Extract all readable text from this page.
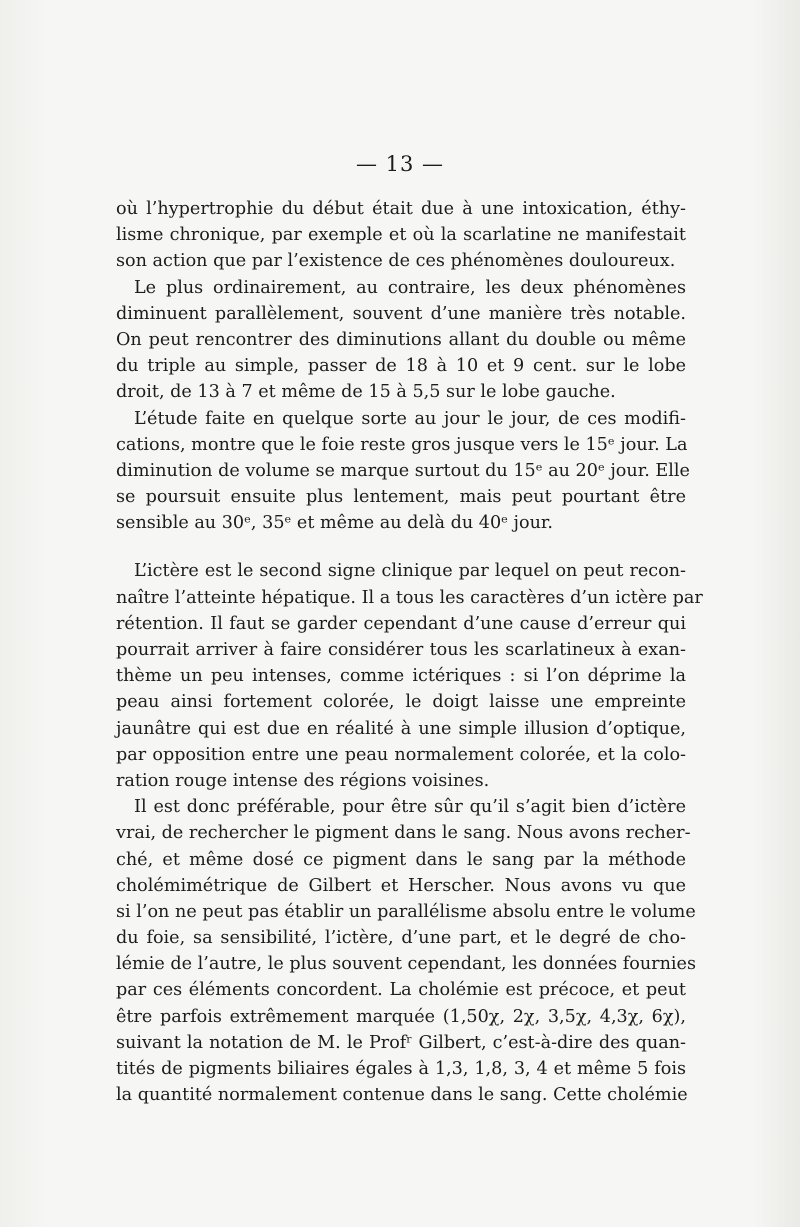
— 13 —
où l’hypertrophie du début était due à une intoxication, éthy-
lisme chronique, par exemple et où la scarlatine ne manifestait
son action que par l’existence de ces phénomènes douloureux.
Le plus ordinairement, au contraire, les deux phénomènes
diminuent parallèlement, souvent d’une manière très notable.
On peut rencontrer des diminutions allant du double ou même
du triple au simple, passer de 18 à 10 et 9 cent. sur le lobe
droit, de 13 à 7 et même de 15 à 5,5 sur le lobe gauche.
L’étude faite en quelque sorte au jour le jour, de ces modifi-
cations, montre que le foie reste gros jusque vers le 15ᵉ jour. La
diminution de volume se marque surtout du 15ᵉ au 20ᵉ jour. Elle
se poursuit ensuite plus lentement, mais peut pourtant être
sensible au 30ᵉ, 35ᵉ et même au delà du 40ᵉ jour.
L’ictère est le second signe clinique par lequel on peut recon-
naître l’atteinte hépatique. Il a tous les caractères d’un ictère par
rétention. Il faut se garder cependant d’une cause d’erreur qui
pourrait arriver à faire considérer tous les scarlatineux à exan-
thème un peu intenses, comme ictériques : si l’on déprime la
peau ainsi fortement colorée, le doigt laisse une empreinte
jaunâtre qui est due en réalité à une simple illusion d’optique,
par opposition entre une peau normalement colorée, et la colo-
ration rouge intense des régions voisines.
Il est donc préférable, pour être sûr qu’il s’agit bien d’ictère
vrai, de rechercher le pigment dans le sang. Nous avons recher-
ché, et même dosé ce pigment dans le sang par la méthode
cholémimétrique de Gilbert et Herscher. Nous avons vu que
si l’on ne peut pas établir un parallélisme absolu entre le volume
du foie, sa sensibilité, l’ictère, d’une part, et le degré de cho-
lémie de l’autre, le plus souvent cependant, les données fournies
par ces éléments concordent. La cholémie est précoce, et peut
être parfois extrêmement marquée (1,50χ, 2χ, 3,5χ, 4,3χ, 6χ),
suivant la notation de M. le Profʳ Gilbert, c’est-à-dire des quan-
tités de pigments biliaires égales à 1,3, 1,8, 3, 4 et même 5 fois
la quantité normalement contenue dans le sang. Cette cholémie
